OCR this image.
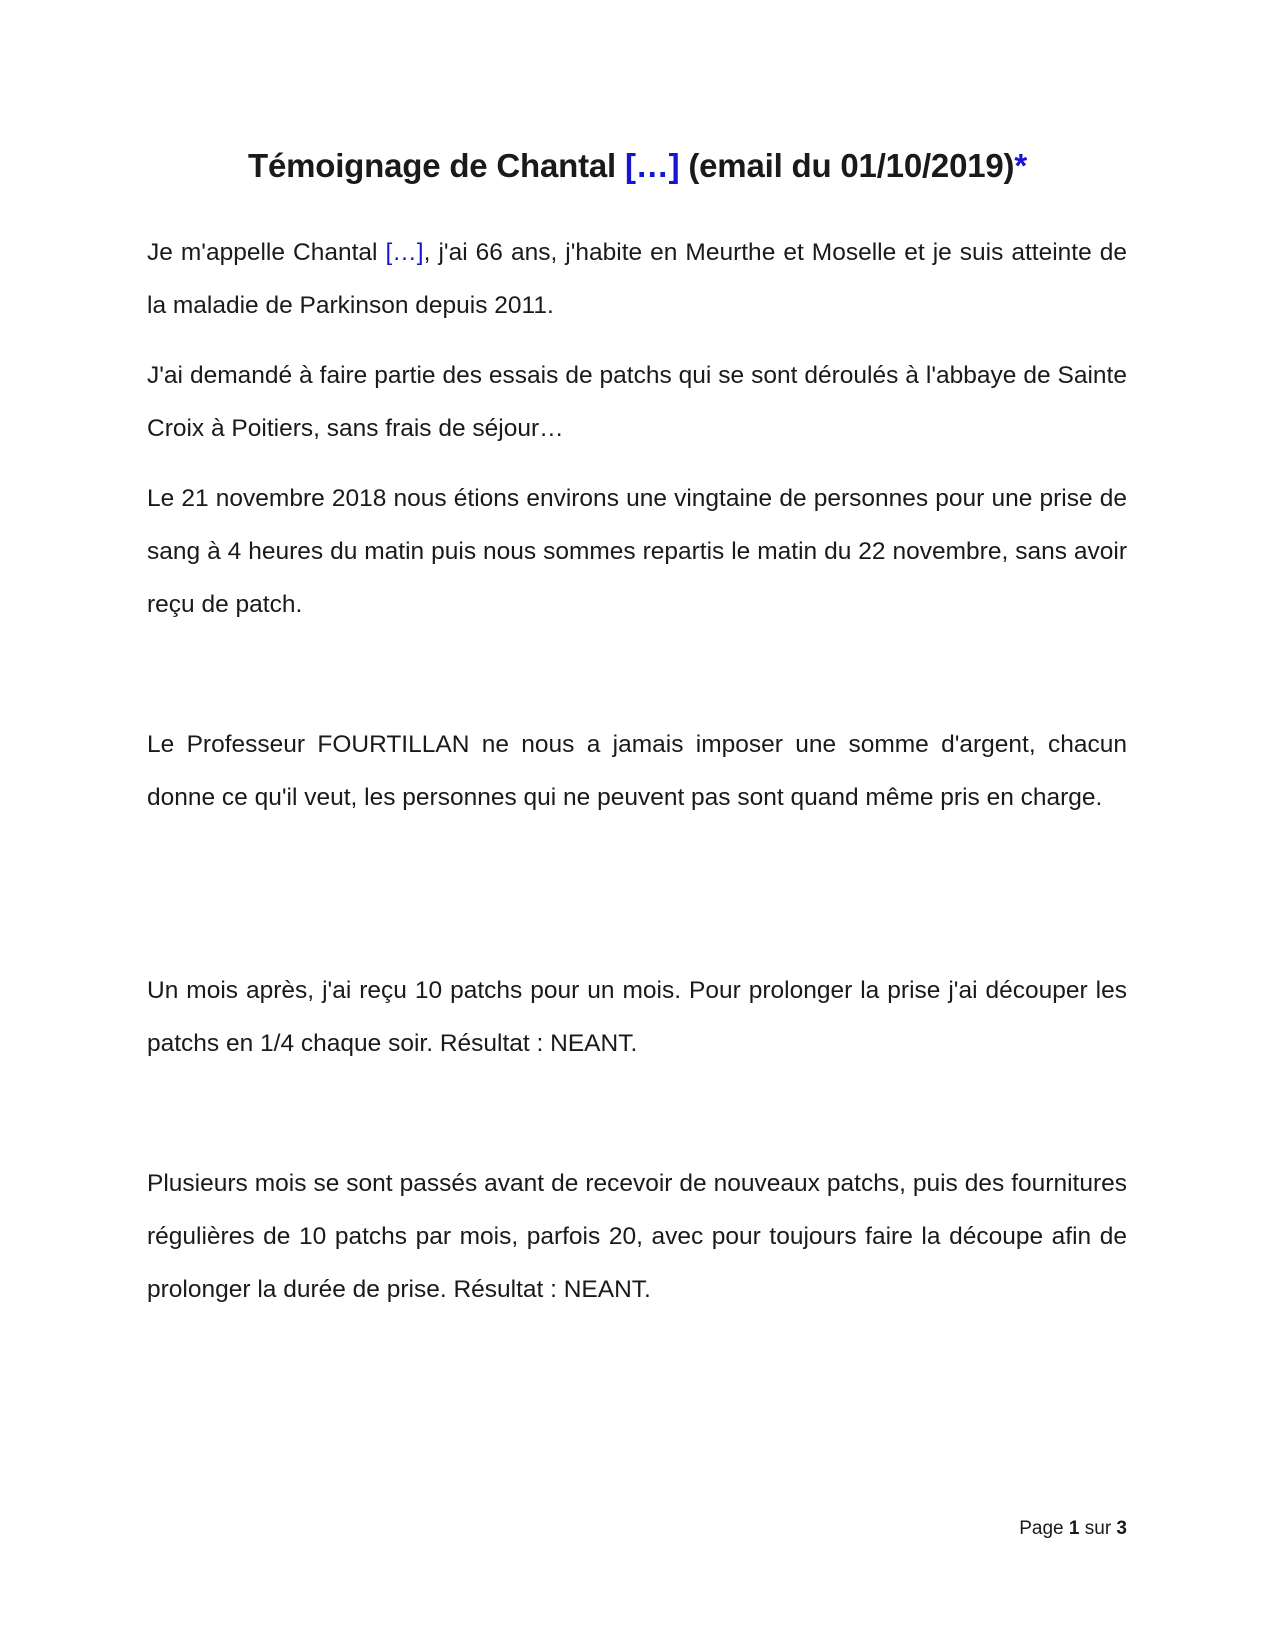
Témoignage de Chantal […] (email du 01/10/2019)*

Je m'appelle Chantal […], j'ai 66 ans, j'habite en Meurthe et Moselle et je suis atteinte de la maladie de Parkinson depuis 2011.

J'ai demandé à faire partie des essais de patchs qui se sont déroulés à l'abbaye de Sainte Croix à Poitiers, sans frais de séjour…

Le 21 novembre 2018 nous étions environs une vingtaine de personnes pour une prise de sang à 4 heures du matin puis nous sommes repartis le matin du 22 novembre, sans avoir reçu de patch.

Le Professeur FOURTILLAN ne nous a jamais imposer une somme d'argent, chacun donne ce qu'il veut, les personnes qui ne peuvent pas sont quand même pris en charge.

Un mois après, j'ai reçu 10 patchs pour un mois. Pour prolonger la prise j'ai découper les patchs en 1/4 chaque soir. Résultat : NEANT.

Plusieurs mois se sont passés avant de recevoir de nouveaux patchs, puis des fournitures régulières de 10 patchs par mois, parfois 20, avec pour toujours faire la découpe afin de prolonger la durée de prise. Résultat : NEANT.

Page 1 sur 3
